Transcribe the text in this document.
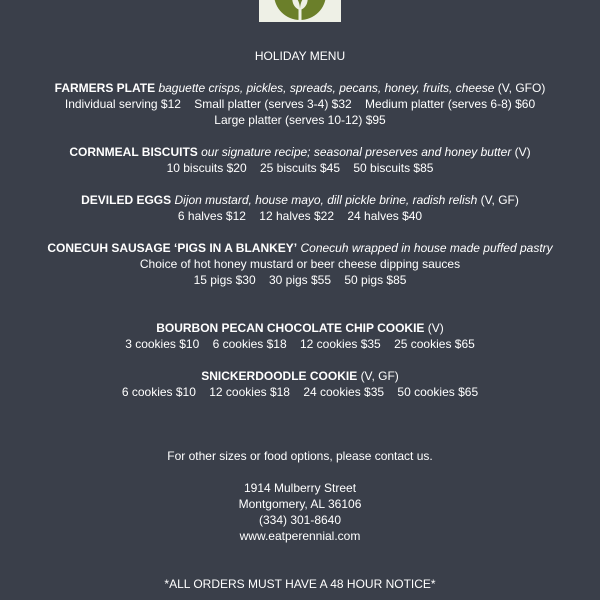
HOLIDAY MENU
FARMERS PLATE baguette crisps, pickles, spreads, pecans, honey, fruits, cheese (V, GFO)
Individual serving $12 Small platter (serves 3-4) $32 Medium platter (serves 6-8) $60
Large platter (serves 10-12) $95
CORNMEAL BISCUITS our signature recipe; seasonal preserves and honey butter (V)
10 biscuits $20 25 biscuits $45 50 biscuits $85
DEVILED EGGS Dijon mustard, house mayo, dill pickle brine, radish relish (V, GF)
6 halves $12 12 halves $22 24 halves $40
CONECUH SAUSAGE ‘PIGS IN A BLANKEY’ Conecuh wrapped in house made puffed pastry
Choice of hot honey mustard or beer cheese dipping sauces
15 pigs $30 30 pigs $55 50 pigs $85
BOURBON PECAN CHOCOLATE CHIP COOKIE (V)
3 cookies $10 6 cookies $18 12 cookies $35 25 cookies $65
SNICKERDOODLE COOKIE (V, GF)
6 cookies $10 12 cookies $18 24 cookies $35 50 cookies $65
For other sizes or food options, please contact us.
1914 Mulberry Street
Montgomery, AL 36106
(334) 301-8640
www.eatperennial.com
*ALL ORDERS MUST HAVE A 48 HOUR NOTICE*
